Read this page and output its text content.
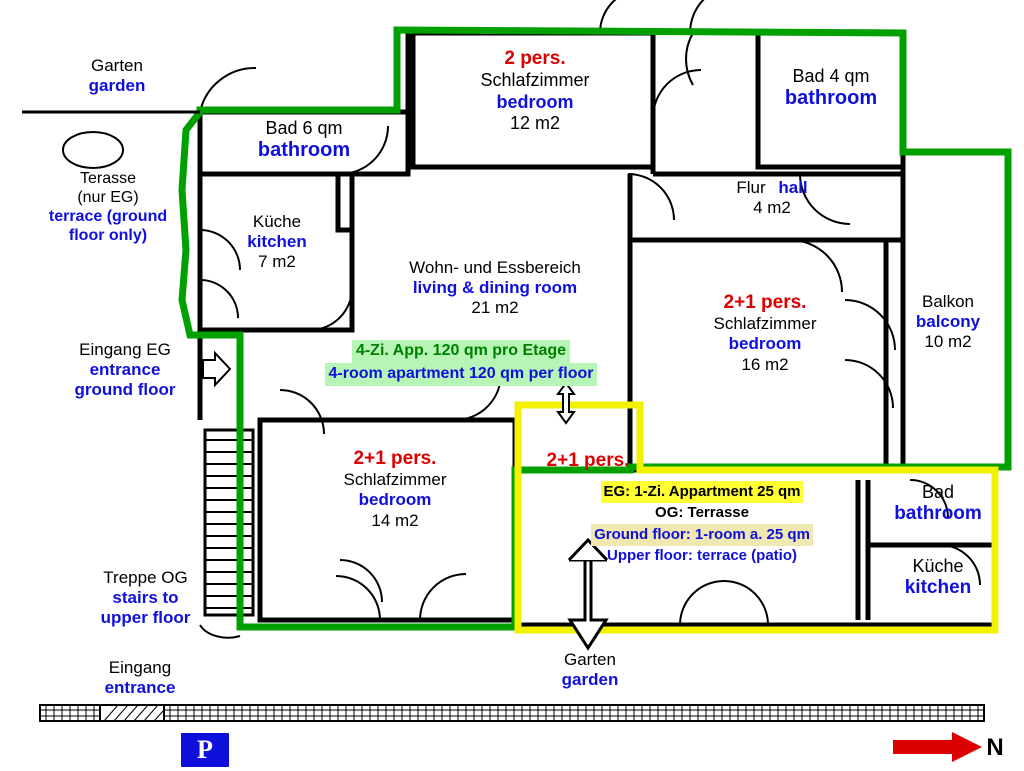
Garten
garden
Terasse
(nur EG)
terrace (ground
floor only)
2 pers.
Schlafzimmer
bedroom
12 m2
Bad 4 qm
bathroom
Bad 6 qm
bathroom
Küche
kitchen
7 m2	Wohn- und Essbereich
living & dining room
21 m2
Flur hall
4 m2
2+1 pers.
Schlafzimmer
bedroom
16 m2
Balkon
balcony
10 m2
Eingang EG
entrance
ground floor
4-Zi. App. 120 qm pro Etage
4-room apartment 120 qm per floor
2+1 pers.
Schlafzimmer
bedroom
14 m2
2+1 pers.
EG: 1-Zi. Appartment 25 qm
OG: Terrasse
Ground floor: 1-room a. 25 qm
Upper floor: terrace (patio)
Bad
bathroom
Küche
kitchen
Treppe OG
stairs to
upper floor
Eingang
entrance
Garten
garden
P	N
